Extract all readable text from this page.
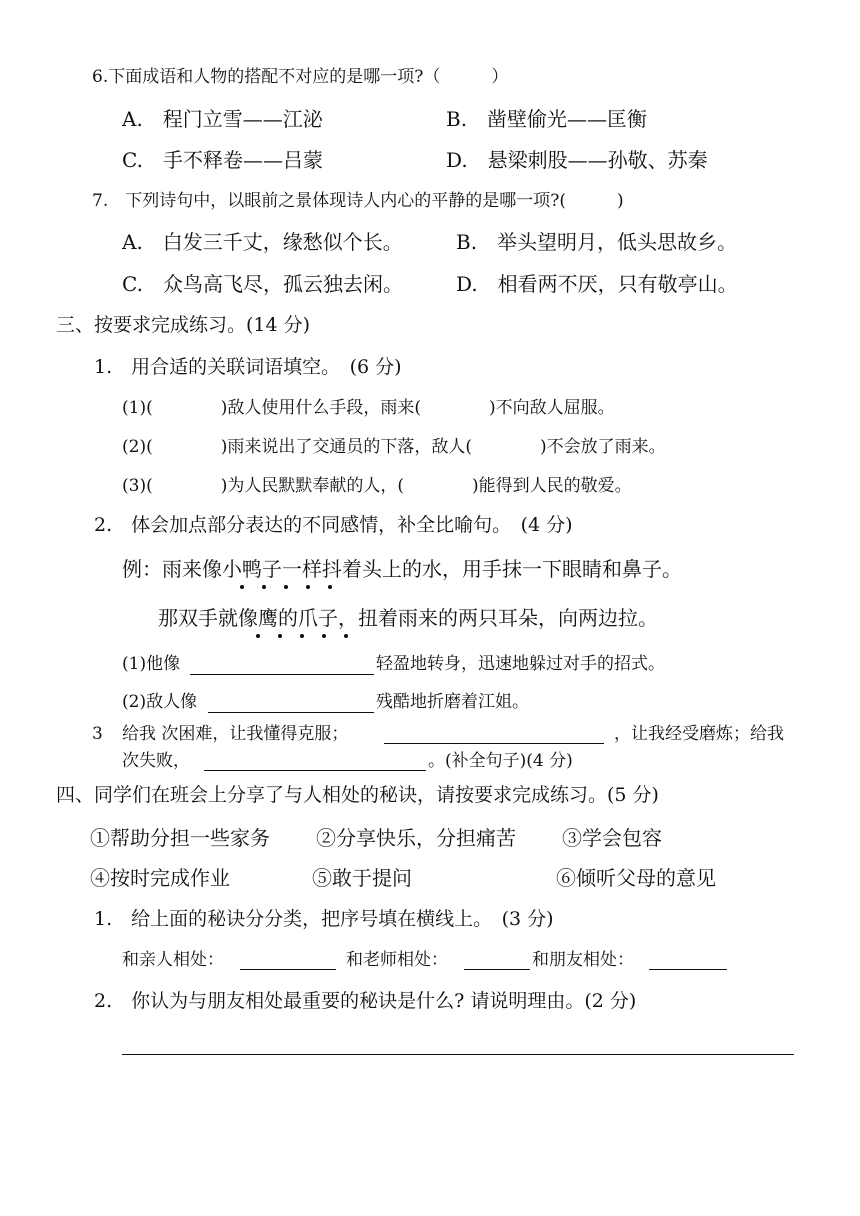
6.下面成语和人物的搭配不对应的是哪一项?（　　　）
A.　程门立雪——江泌	B.　凿壁偷光——匡衡
C.　手不释卷——吕蒙	D.　悬梁刺股——孙敬、苏秦
7.　下列诗句中，以眼前之景体现诗人内心的平静的是哪一项?(　　　)
A.　白发三千丈，缘愁似个长。	B.　举头望明月，低头思故乡。
C.　众鸟高飞尽，孤云独去闲。	D.　相看两不厌，只有敬亭山。
三、按要求完成练习。(14 分)
1.　用合适的关联词语填空。　(6 分)
(1)(　　　　)敌人使用什么手段，雨来(　　　　)不向敌人屈服。
(2)(　　　　)雨来说出了交通员的下落，敌人(　　　　)不会放了雨来。
(3)(　　　　)为人民默默奉献的人，(　　　　)能得到人民的敬爱。
2.　体会加点部分表达的不同感情，补全比喻句。　(4 分)
例：雨来像小鸭子一样抖着头上的水，用手抹一下眼睛和鼻子。
那双手就像鹰的爪子，扭着雨来的两只耳朵，向两边拉。
(1)他像	轻盈地转身，迅速地躲过对手的招式。
(2)敌人像	残酷地折磨着江姐。
3 给我 次困难，让我懂得克服；	，让我经受磨炼；给我
次失败，	。(补全句子)(4 分)
四、同学们在班会上分享了与人相处的秘诀，请按要求完成练习。(5 分)
①帮助分担一些家务 ②分享快乐，分担痛苦 ③学会包容
④按时完成作业	⑤敢于提问	⑥倾听父母的意见
1.　给上面的秘诀分分类，把序号填在横线上。　(3 分)
和亲人相处：	和老师相处：	和朋友相处：
2.　你认为与朋友相处最重要的秘诀是什么? 请说明理由。(2 分)
